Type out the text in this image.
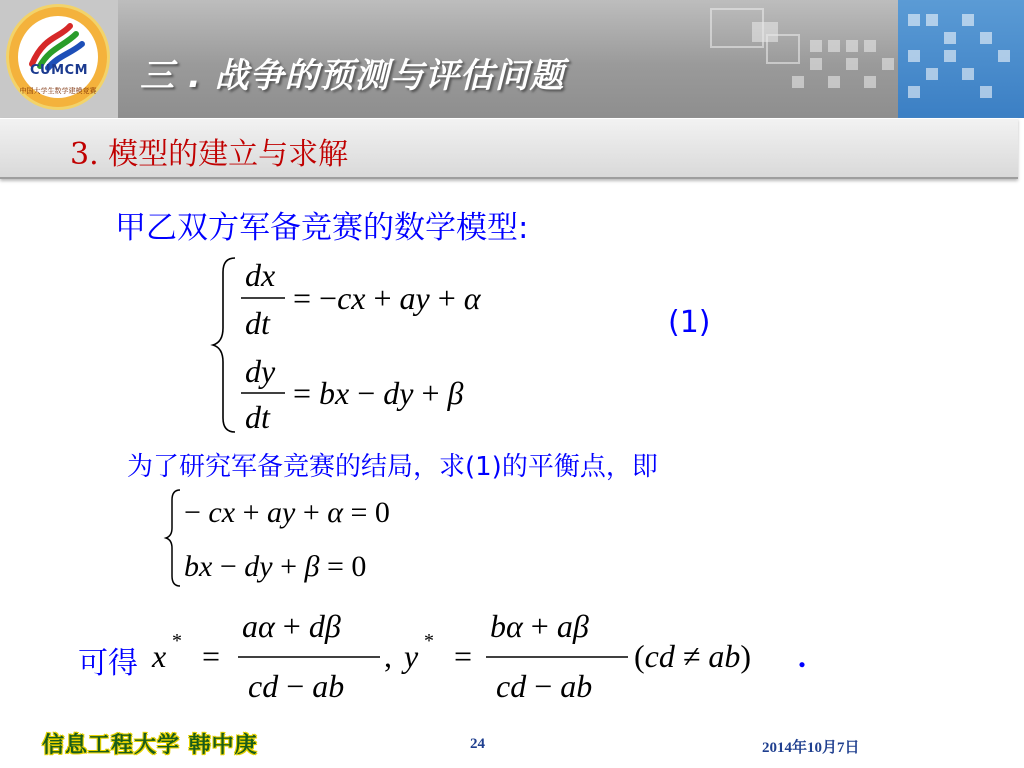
CUMCM
中国大学生数学建模竞赛 三 . 战争的预测与评估问题
3. 模型的建立与求解
甲乙双方军备竞赛的数学模型:
dx
dt
dy
dt
= −cx + ay + α
= bx − dy + β
(1)
为了研究军备竞赛的结局，求(1)的平衡点，即
− cx + ay + α = 0
bx − dy + β = 0
可得 x * =
aα + dβ
cd − ab
, y * =
bα + aβ
cd − ab
(cd ≠ ab) .
信息工程大学 韩中庚	24	2014年10月7日
